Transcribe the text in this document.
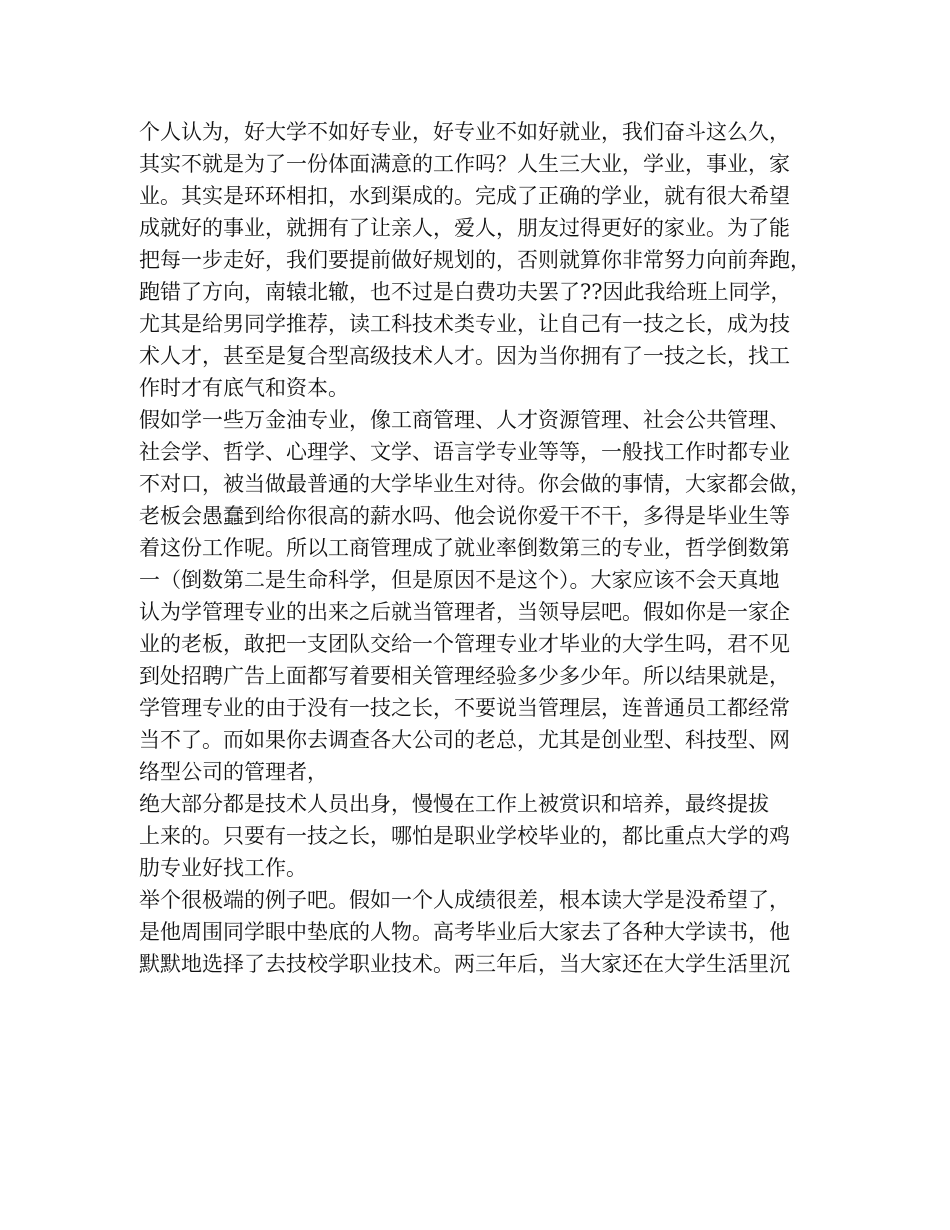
个人认为，好大学不如好专业，好专业不如好就业，我们奋斗这么久，
其实不就是为了一份体面满意的工作吗？人生三大业，学业，事业，家
业。其实是环环相扣，水到渠成的。完成了正确的学业，就有很大希望
成就好的事业，就拥有了让亲人，爱人，朋友过得更好的家业。为了能
把每一步走好，我们要提前做好规划的，否则就算你非常努力向前奔跑，
跑错了方向，南辕北辙，也不过是白费功夫罢了??因此我给班上同学，
尤其是给男同学推荐，读工科技术类专业，让自己有一技之长，成为技
术人才，甚至是复合型高级技术人才。因为当你拥有了一技之长，找工
作时才有底气和资本。
假如学一些万金油专业，像工商管理、人才资源管理、社会公共管理、
社会学、哲学、心理学、文学、语言学专业等等，一般找工作时都专业
不对口，被当做最普通的大学毕业生对待。你会做的事情，大家都会做，
老板会愚蠢到给你很高的薪水吗、他会说你爱干不干，多得是毕业生等
着这份工作呢。所以工商管理成了就业率倒数第三的专业，哲学倒数第
一（倒数第二是生命科学，但是原因不是这个）。大家应该不会天真地
认为学管理专业的出来之后就当管理者，当领导层吧。假如你是一家企
业的老板，敢把一支团队交给一个管理专业才毕业的大学生吗，君不见
到处招聘广告上面都写着要相关管理经验多少多少年。所以结果就是，
学管理专业的由于没有一技之长，不要说当管理层，连普通员工都经常
当不了。而如果你去调查各大公司的老总，尤其是创业型、科技型、网
络型公司的管理者，
绝大部分都是技术人员出身，慢慢在工作上被赏识和培养，最终提拔
上来的。只要有一技之长，哪怕是职业学校毕业的，都比重点大学的鸡
肋专业好找工作。
举个很极端的例子吧。假如一个人成绩很差，根本读大学是没希望了，
是他周围同学眼中垫底的人物。高考毕业后大家去了各种大学读书，他
默默地选择了去技校学职业技术。两三年后，当大家还在大学生活里沉
